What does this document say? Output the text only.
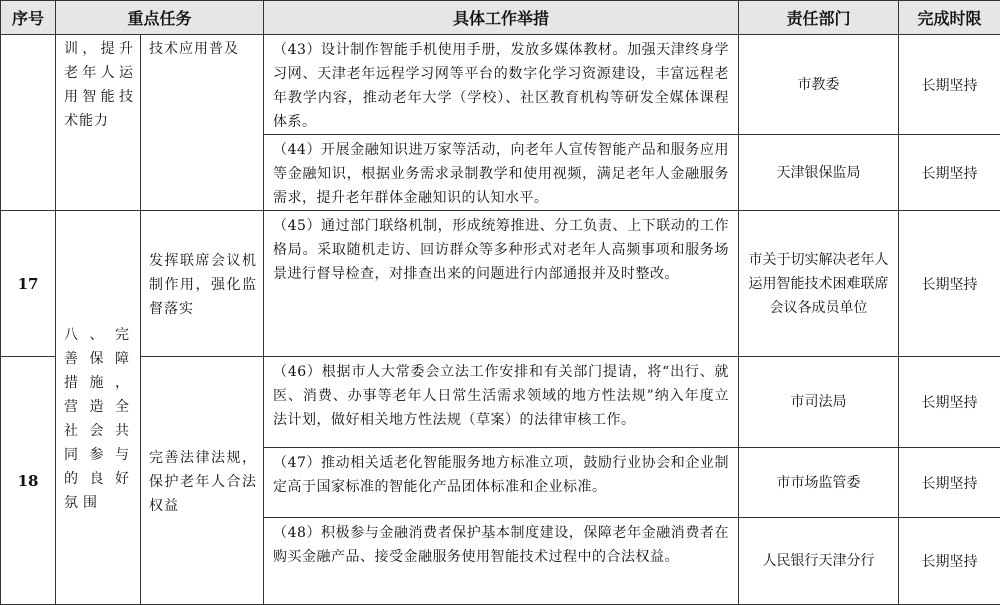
序号	重点任务		具体工作举措	责任部门	完成时限
	训，提升老年人运用智能技术能力	技术应用普及	（43）设计制作智能手机使用手册，发放多媒体教材。加强天津终身学习网、天津老年远程学习网等平台的数字化学习资源建设，丰富远程老年教学内容，推动老年大学（学校）、社区教育机构等研发全媒体课程体系。	市教委	长期坚持
			（44）开展金融知识进万家等活动，向老年人宣传智能产品和服务应用等金融知识，根据业务需求录制教学和使用视频，满足老年人金融服务需求，提升老年群体金融知识的认知水平。	天津银保监局	长期坚持
17	八、完善保障措施，营造全社会共同参与的良好氛围	发挥联席会议机制作用，强化监督落实	（45）通过部门联络机制，形成统筹推进、分工负责、上下联动的工作格局。采取随机走访、回访群众等多种形式对老年人高频事项和服务场景进行督导检查，对排查出来的问题进行内部通报并及时整改。	市关于切实解决老年人运用智能技术困难联席会议各成员单位	长期坚持
18		完善法律法规，保护老年人合法权益	（46）根据市人大常委会立法工作安排和有关部门提请，将“出行、就医、消费、办事等老年人日常生活需求领域的地方性法规”纳入年度立法计划，做好相关地方性法规（草案）的法律审核工作。	市司法局	长期坚持
			（47）推动相关适老化智能服务地方标准立项，鼓励行业协会和企业制定高于国家标准的智能化产品团体标准和企业标准。	市市场监管委	长期坚持
			（48）积极参与金融消费者保护基本制度建设，保障老年金融消费者在购买金融产品、接受金融服务使用智能技术过程中的合法权益。	人民银行天津分行	长期坚持
